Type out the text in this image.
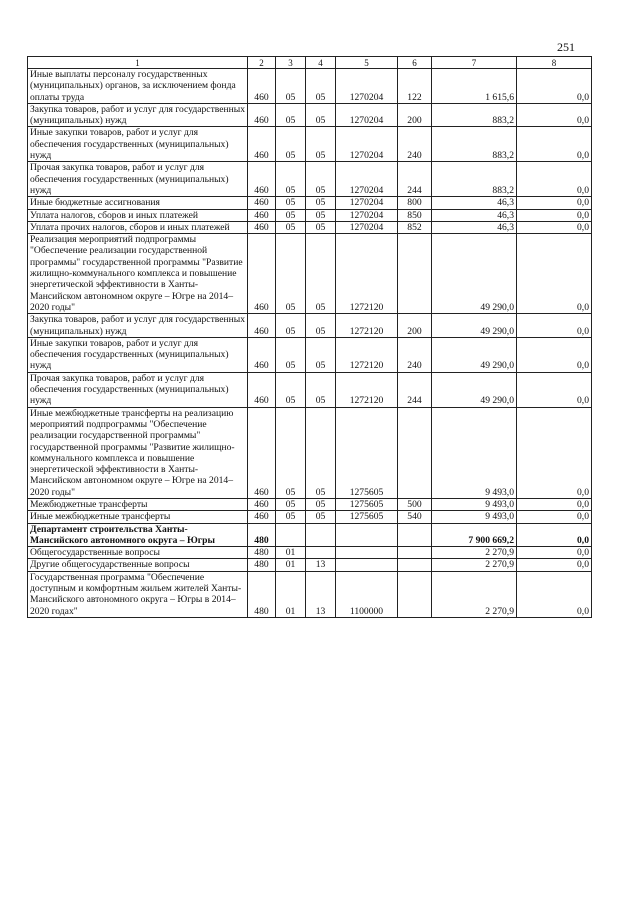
251
1	2	3	4	5	6	7	8
Иные выплаты персоналу государственных (муниципальных) органов, за исключением фонда оплаты труда	460	05	05	1270204	122	1 615,6	0,0
Закупка товаров, работ и услуг для государственных (муниципальных) нужд	460	05	05	1270204	200	883,2	0,0
Иные закупки товаров, работ и услуг для обеспечения государственных (муниципальных) нужд	460	05	05	1270204	240	883,2	0,0
Прочая закупка товаров, работ и услуг для обеспечения государственных (муниципальных) нужд	460	05	05	1270204	244	883,2	0,0
Иные бюджетные ассигнования	460	05	05	1270204	800	46,3	0,0
Уплата налогов, сборов и иных платежей	460	05	05	1270204	850	46,3	0,0
Уплата прочих налогов, сборов и иных платежей	460	05	05	1270204	852	46,3	0,0
Реализация мероприятий подпрограммы "Обеспечение реализации государственной программы" государственной программы "Развитие жилищно-коммунального комплекса и повышение энергетической эффективности в Ханты-Мансийском автономном округе – Югре на 2014–2020 годы"	460	05	05	1272120		49 290,0	0,0
Закупка товаров, работ и услуг для государственных (муниципальных) нужд	460	05	05	1272120	200	49 290,0	0,0
Иные закупки товаров, работ и услуг для обеспечения государственных (муниципальных) нужд	460	05	05	1272120	240	49 290,0	0,0
Прочая закупка товаров, работ и услуг для обеспечения государственных (муниципальных) нужд	460	05	05	1272120	244	49 290,0	0,0
Иные межбюджетные трансферты на реализацию мероприятий подпрограммы "Обеспечение реализации государственной программы" государственной программы "Развитие жилищно-коммунального комплекса и повышение энергетической эффективности в Ханты-Мансийском автономном округе – Югре на 2014–2020 годы"	460	05	05	1275605		9 493,0	0,0
Межбюджетные трансферты	460	05	05	1275605	500	9 493,0	0,0
Иные межбюджетные трансферты	460	05	05	1275605	540	9 493,0	0,0
Департамент строительства Ханты-Мансийского автономного округа – Югры	480					7 900 669,2	0,0
Общегосударственные вопросы	480	01				2 270,9	0,0
Другие общегосударственные вопросы	480	01	13			2 270,9	0,0
Государственная программа "Обеспечение доступным и комфортным жильем жителей Ханты-Мансийского автономного округа – Югры в 2014–2020 годах"	480	01	13	1100000		2 270,9	0,0
